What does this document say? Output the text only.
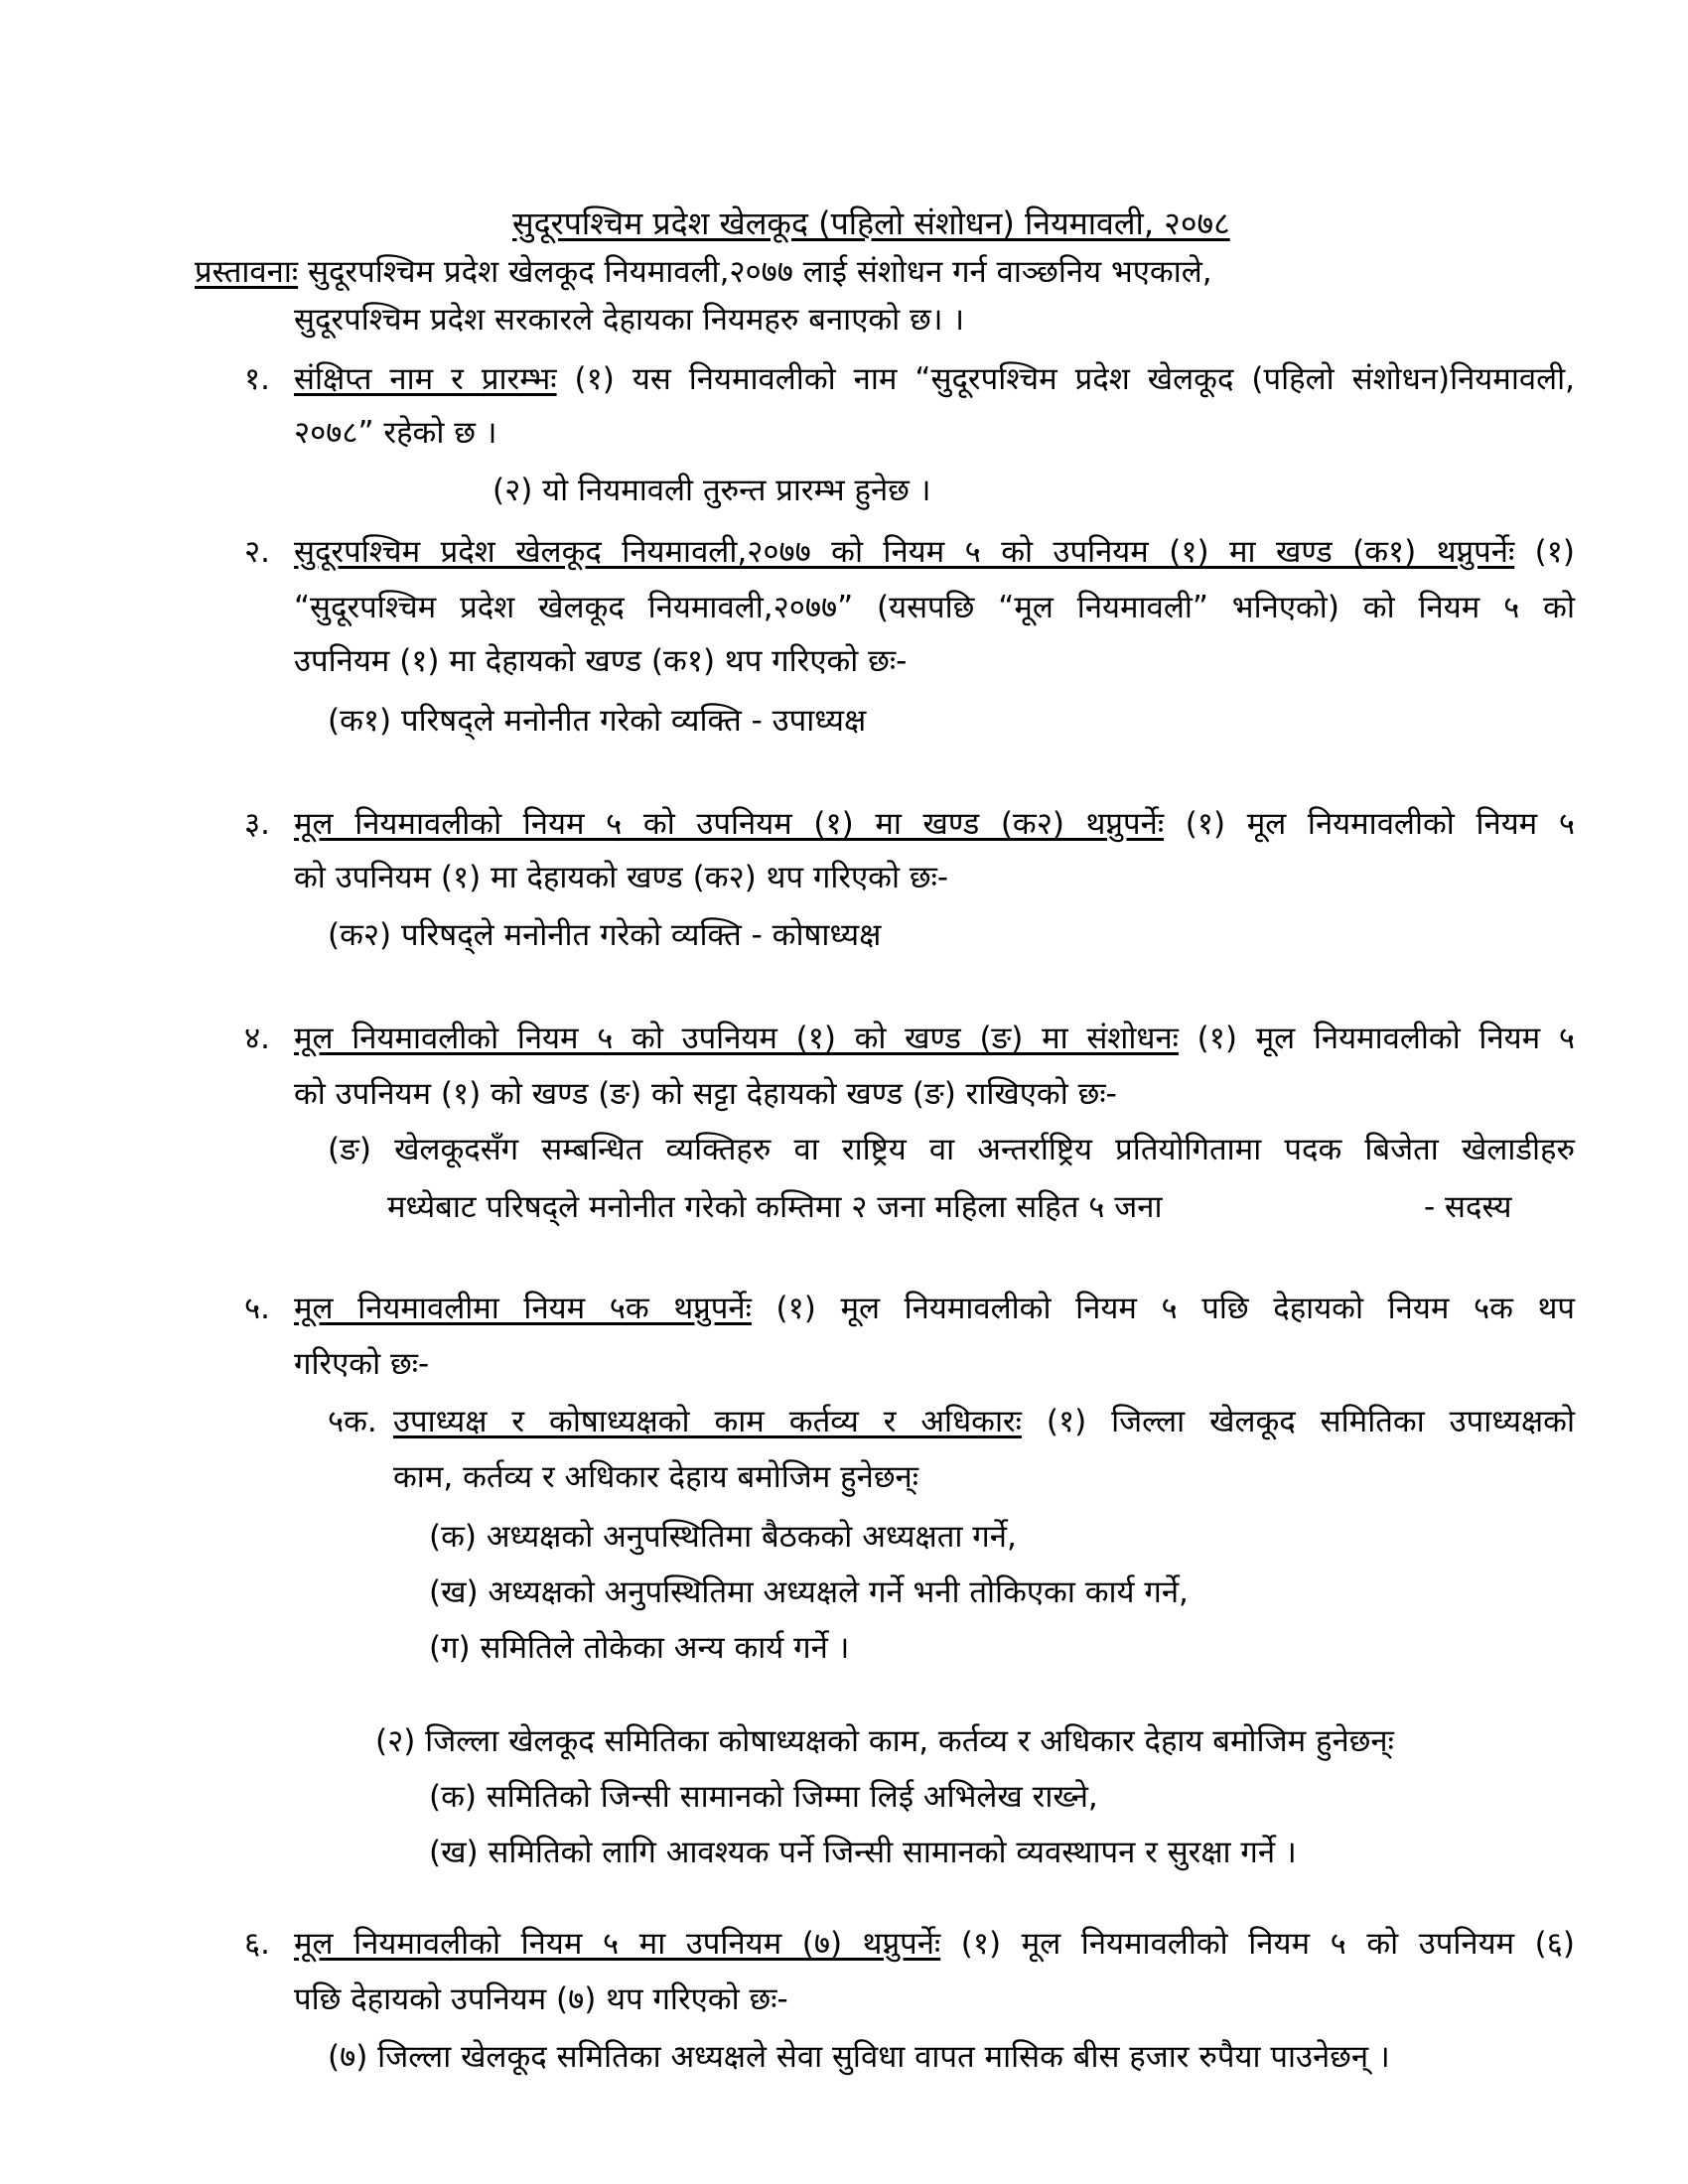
सुदूरपश्चिम प्रदेश खेलकूद (पहिलो संशोधन) नियमावली, २०७८
प्रस्तावनाः सुदूरपश्चिम प्रदेश खेलकूद नियमावली,२०७७ लाई संशोधन गर्न वाञ्छनिय भएकाले,
सुदूरपश्चिम प्रदेश सरकारले देहायका नियमहरु बनाएको छ। ।
१. संक्षिप्त नाम र प्रारम्भः (१) यस नियमावलीको नाम “सुदूरपश्चिम प्रदेश खेलकूद (पहिलो संशोधन)नियमावली,
२०७८” रहेको छ ।
(२) यो नियमावली तुरुन्त प्रारम्भ हुनेछ ।
२. सुदूरपश्चिम प्रदेश खेलकूद नियमावली,२०७७ को नियम ५ को उपनियम (१) मा खण्ड (क१) थप्नुपर्नेः (१)
“सुदूरपश्चिम प्रदेश खेलकूद नियमावली,२०७७” (यसपछि “मूल नियमावली” भनिएको) को नियम ५ को
उपनियम (१) मा देहायको खण्ड (क१) थप गरिएको छः-
(क१) परिषद्ले मनोनीत गरेको व्यक्ति - उपाध्यक्ष
३. मूल नियमावलीको नियम ५ को उपनियम (१) मा खण्ड (क२) थप्नुपर्नेः (१) मूल नियमावलीको नियम ५
को उपनियम (१) मा देहायको खण्ड (क२) थप गरिएको छः-
(क२) परिषद्ले मनोनीत गरेको व्यक्ति - कोषाध्यक्ष
४. मूल नियमावलीको नियम ५ को उपनियम (१) को खण्ड (ङ) मा संशोधनः (१) मूल नियमावलीको नियम ५
को उपनियम (१) को खण्ड (ङ) को सट्टा देहायको खण्ड (ङ) राखिएको छः-
(ङ) खेलकूदसँग सम्बन्धित व्यक्तिहरु वा राष्ट्रिय वा अन्तर्राष्ट्रिय प्रतियोगितामा पदक बिजेता खेलाडीहरु
मध्येबाट परिषद्ले मनोनीत गरेको कम्तिमा २ जना महिला सहित ५ जना	- सदस्य
५. मूल नियमावलीमा नियम ५क थप्नुपर्नेः (१) मूल नियमावलीको नियम ५ पछि देहायको नियम ५क थप
गरिएको छः-
५क. उपाध्यक्ष र कोषाध्यक्षको काम कर्तव्य र अधिकारः (१) जिल्ला खेलकूद समितिका उपाध्यक्षको
काम, कर्तव्य र अधिकार देहाय बमोजिम हुनेछन्ः
(क) अध्यक्षको अनुपस्थितिमा बैठकको अध्यक्षता गर्ने,
(ख) अध्यक्षको अनुपस्थितिमा अध्यक्षले गर्ने भनी तोकिएका कार्य गर्ने,
(ग) समितिले तोकेका अन्य कार्य गर्ने ।
(२) जिल्ला खेलकूद समितिका कोषाध्यक्षको काम, कर्तव्य र अधिकार देहाय बमोजिम हुनेछन्ः
(क) समितिको जिन्सी सामानको जिम्मा लिई अभिलेख राख्ने,
(ख) समितिको लागि आवश्यक पर्ने जिन्सी सामानको व्यवस्थापन र सुरक्षा गर्ने ।
६. मूल नियमावलीको नियम ५ मा उपनियम (७) थप्नुपर्नेः (१) मूल नियमावलीको नियम ५ को उपनियम (६)
पछि देहायको उपनियम (७) थप गरिएको छः-
(७) जिल्ला खेलकूद समितिका अध्यक्षले सेवा सुविधा वापत मासिक बीस हजार रुपैया पाउनेछन् ।
